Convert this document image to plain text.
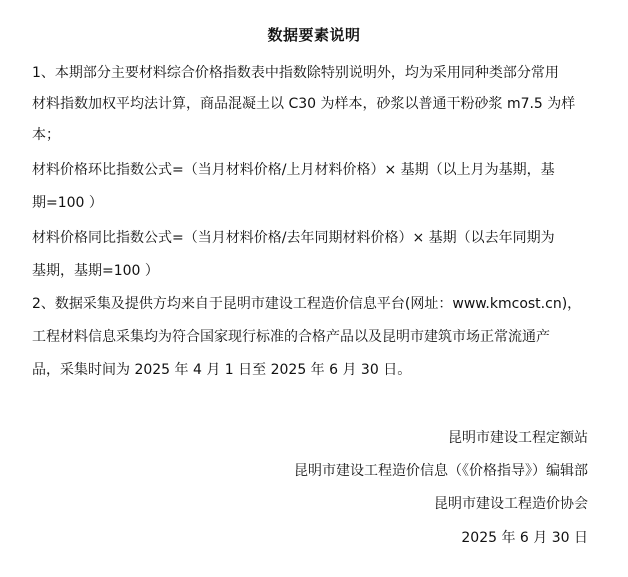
数据要素说明
1、本期部分主要材料综合价格指数表中指数除特别说明外，均为采用同种类部分常用
材料指数加权平均法计算，商品混凝土以 C30 为样本，砂浆以普通干粉砂浆 m7.5 为样
本；
材料价格环比指数公式=（当月材料价格/上月材料价格）× 基期（以上月为基期，基
期=100 ）
材料价格同比指数公式=（当月材料价格/去年同期材料价格）× 基期（以去年同期为
基期，基期=100 ）
2、数据采集及提供方均来自于昆明市建设工程造价信息平台(网址：www.kmcost.cn)，
工程材料信息采集均为符合国家现行标准的合格产品以及昆明市建筑市场正常流通产
品，采集时间为 2025 年 4 月 1 日至 2025 年 6 月 30 日。
昆明市建设工程定额站
昆明市建设工程造价信息（《价格指导》）编辑部
昆明市建设工程造价协会
2025 年 6 月 30 日
